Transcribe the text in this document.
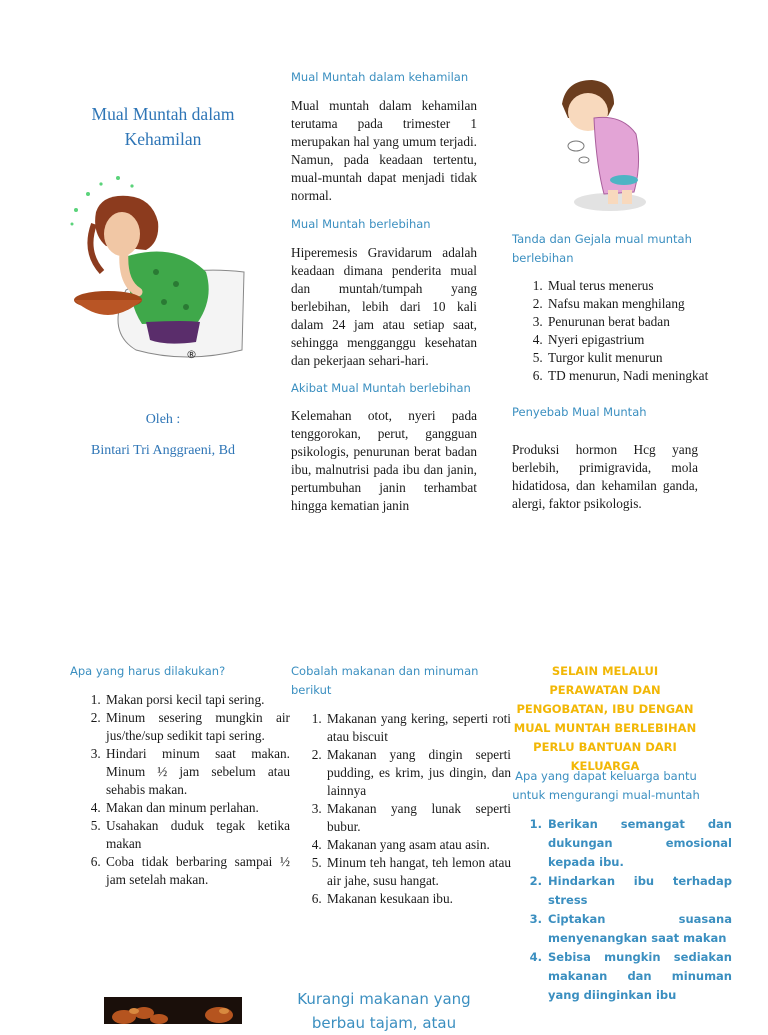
Mual Muntah dalam Kehamilan
®
Oleh :
Bintari Tri Anggraeni, Bd
Mual Muntah dalam kehamilan
Mual muntah dalam kehamilan terutama pada trimester 1 merupakan hal yang umum terjadi. Namun, pada keadaan tertentu, mual-muntah dapat menjadi tidak normal.
Mual Muntah berlebihan
Hiperemesis Gravidarum adalah keadaan dimana penderita mual dan muntah/tumpah yang berlebihan, lebih dari 10 kali dalam 24 jam atau setiap saat, sehingga mengganggu kesehatan dan pekerjaan sehari-hari.
Akibat Mual Muntah berlebihan
Kelemahan otot, nyeri pada tenggorokan, perut, gangguan psikologis, penurunan berat badan ibu, malnutrisi pada ibu dan janin, pertumbuhan janin terhambat hingga kematian janin
Tanda dan Gejala mual muntah berlebihan
1. Mual terus menerus
2. Nafsu makan menghilang
3. Penurunan berat badan
4. Nyeri epigastrium
5. Turgor kulit menurun
6. TD menurun, Nadi meningkat
Penyebab Mual Muntah
Produksi hormon Hcg yang berlebih, primigravida, mola hidatidosa, dan kehamilan ganda, alergi, faktor psikologis.
Apa yang harus dilakukan?
1. Makan porsi kecil tapi sering.
2. Minum sesering mungkin air jus/the/sup sedikit tapi sering.
3. Hindari minum saat makan. Minum ½ jam sebelum atau sehabis makan.
4. Makan dan minum perlahan.
5. Usahakan duduk tegak ketika makan
6. Coba tidak berbaring sampai ½ jam setelah makan.
Cobalah makanan dan minuman berikut
1. Makanan yang kering, seperti roti atau biscuit
2. Makanan yang dingin seperti pudding, es krim, jus dingin, dan lainnya
3. Makanan yang lunak seperti bubur.
4. Makanan yang asam atau asin.
5. Minum teh hangat, teh lemon atau air jahe, susu hangat.
6. Makanan kesukaan ibu.
Kurangi makanan yang berbau tajam, atau
SELAIN MELALUI PERAWATAN DAN PENGOBATAN, IBU DENGAN MUAL MUNTAH BERLEBIHAN PERLU BANTUAN DARI KELUARGA
Apa yang dapat keluarga bantu untuk mengurangi mual-muntah
1. Berikan semangat dan dukungan emosional kepada ibu.
2. Hindarkan ibu terhadap stress
3. Ciptakan suasana menyenangkan saat makan
4. Sebisa mungkin sediakan makanan dan minuman yang diinginkan ibu
